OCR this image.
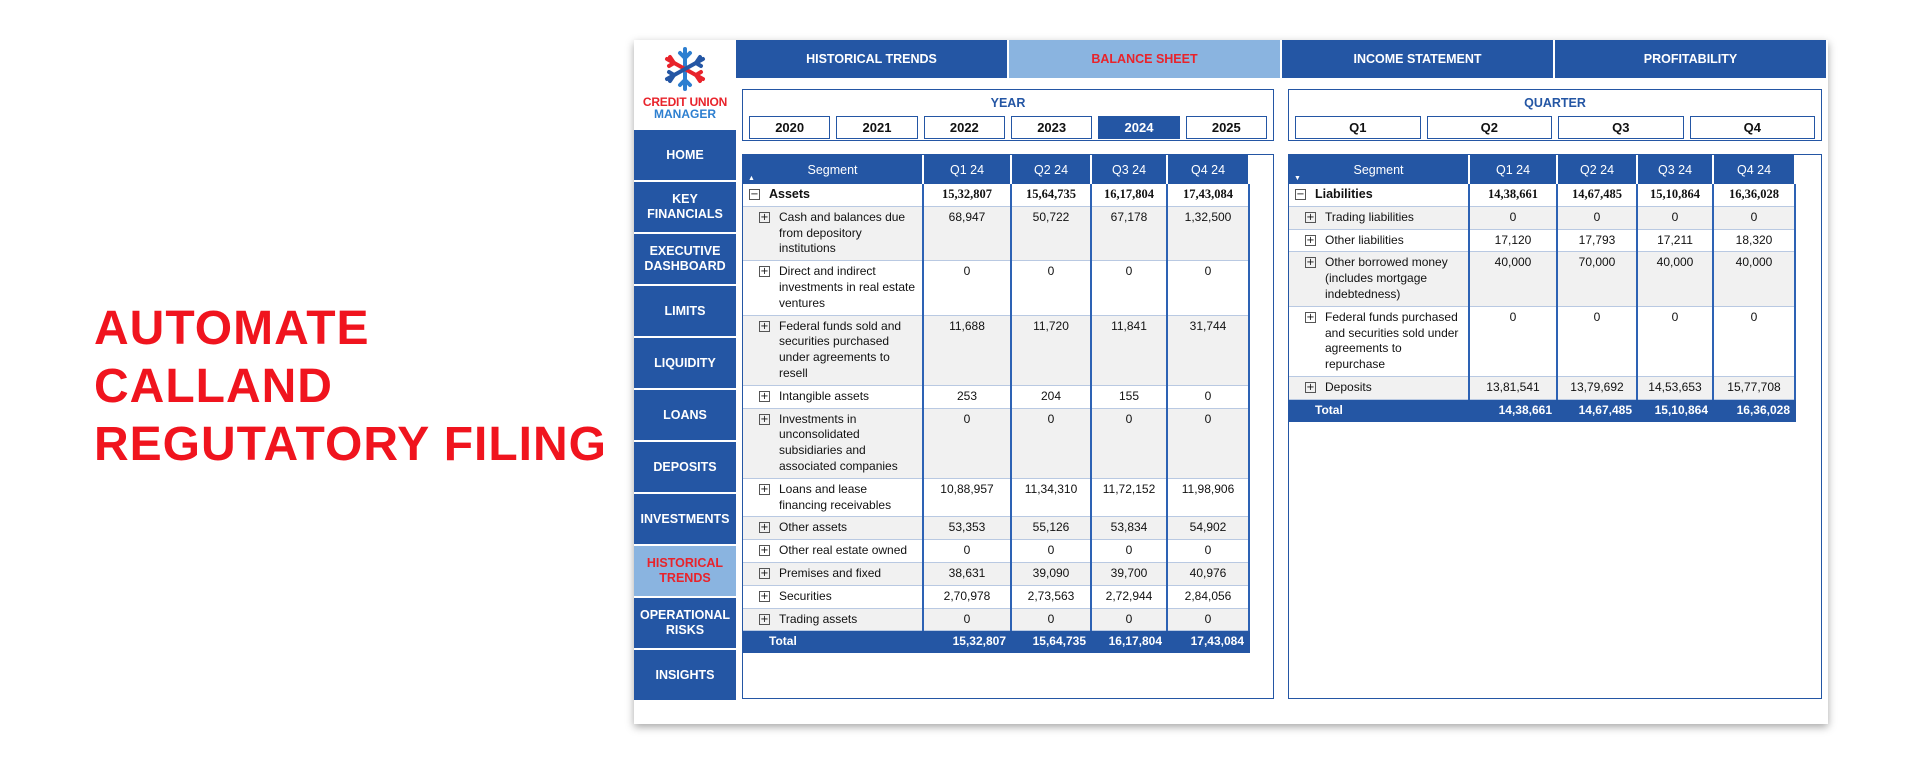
AUTOMATE
CALLAND
REGUTATORY FILING
CREDIT UNION
MANAGER
HOME
KEY FINANCIALS
EXECUTIVE DASHBOARD
LIMITS
LIQUIDITY
LOANS
DEPOSITS
INVESTMENTS
HISTORICAL TRENDS
OPERATIONAL RISKS
INSIGHTS
HISTORICAL TRENDS	BALANCE SHEET	INCOME STATEMENT	PROFITABILITY
YEAR
2020	2021	2022	2023	2024	2025
QUARTER
Q1	Q2	Q3	Q4
Segment
▲	Q1 24	Q2 24	Q3 24	Q4 24
− Assets	15,32,807	15,64,735	16,17,804	17,43,084

+ Cash and balances due from depository institutions	68,947	50,722	67,178	1,32,500

+ Direct and indirect investments in real estate ventures	0	0	0	0

+ Federal funds sold and securities purchased under agreements to resell	11,688	11,720	11,841	31,744

+ Intangible assets	253	204	155	0

+ Investments in unconsolidated subsidiaries and associated companies	0	0	0	0

+ Loans and lease financing receivables	10,88,957	11,34,310	11,72,152	11,98,906

+ Other assets	53,353	55,126	53,834	54,902

+ Other real estate owned	0	0	0	0

+ Premises and fixed	38,631	39,090	39,700	40,976

+ Securities	2,70,978	2,73,563	2,72,944	2,84,056

+ Trading assets	0	0	0	0
Total	15,32,807	15,64,735	16,17,804	17,43,084
Segment
▼	Q1 24	Q2 24	Q3 24	Q4 24
− Liabilities	14,38,661	14,67,485	15,10,864	16,36,028

+ Trading liabilities	0	0	0	0

+ Other liabilities	17,120	17,793	17,211	18,320

+ Other borrowed money (includes mortgage indebtedness)	40,000	70,000	40,000	40,000

+ Federal funds purchased and securities sold under agreements to repurchase	0	0	0	0

+ Deposits	13,81,541	13,79,692	14,53,653	15,77,708
Total	14,38,661	14,67,485	15,10,864	16,36,028
